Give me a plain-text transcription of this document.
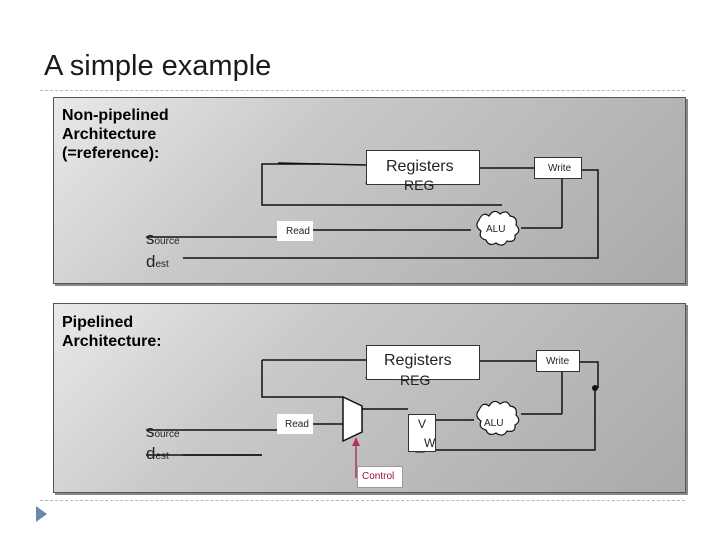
A simple example
Non-pipelined
Architecture
(=reference):
Pipelined
Architecture:
Registers
REG
Write
Read	ALU
source
dest
Registers
REG
Write
Read	V
W
ALU
Control
source
dest
